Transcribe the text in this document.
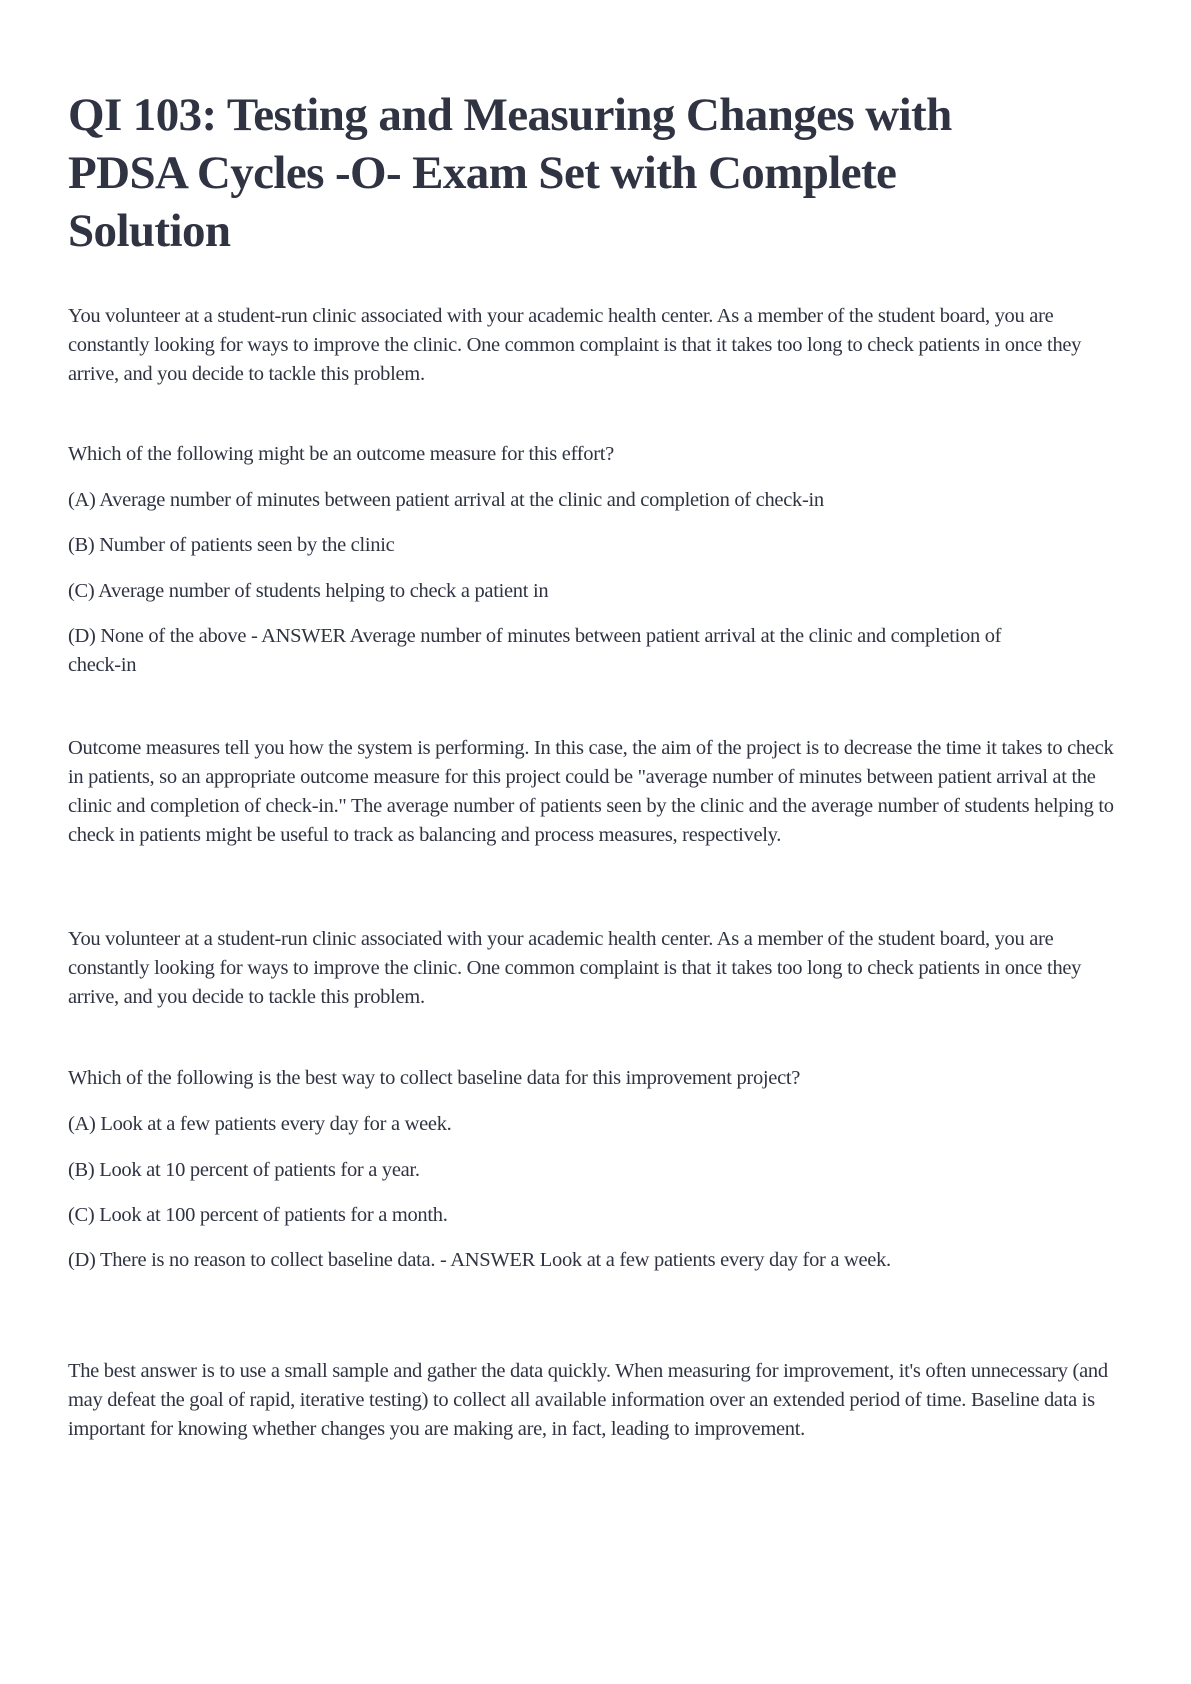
QI 103: Testing and Measuring Changes with PDSA Cycles -O- Exam Set with Complete Solution

You volunteer at a student-run clinic associated with your academic health center. As a member of the student board, you are constantly looking for ways to improve the clinic. One common complaint is that it takes too long to check patients in once they arrive, and you decide to tackle this problem.

Which of the following might be an outcome measure for this effort?

(A) Average number of minutes between patient arrival at the clinic and completion of check-in

(B) Number of patients seen by the clinic

(C) Average number of students helping to check a patient in

(D) None of the above - ANSWER Average number of minutes between patient arrival at the clinic and completion of check-in

Outcome measures tell you how the system is performing. In this case, the aim of the project is to decrease the time it takes to check in patients, so an appropriate outcome measure for this project could be "average number of minutes between patient arrival at the clinic and completion of check-in." The average number of patients seen by the clinic and the average number of students helping to check in patients might be useful to track as balancing and process measures, respectively.

You volunteer at a student-run clinic associated with your academic health center. As a member of the student board, you are constantly looking for ways to improve the clinic. One common complaint is that it takes too long to check patients in once they arrive, and you decide to tackle this problem.

Which of the following is the best way to collect baseline data for this improvement project?

(A) Look at a few patients every day for a week.

(B) Look at 10 percent of patients for a year.

(C) Look at 100 percent of patients for a month.

(D) There is no reason to collect baseline data. - ANSWER Look at a few patients every day for a week.

The best answer is to use a small sample and gather the data quickly. When measuring for improvement, it's often unnecessary (and may defeat the goal of rapid, iterative testing) to collect all available information over an extended period of time. Baseline data is important for knowing whether changes you are making are, in fact, leading to improvement.
